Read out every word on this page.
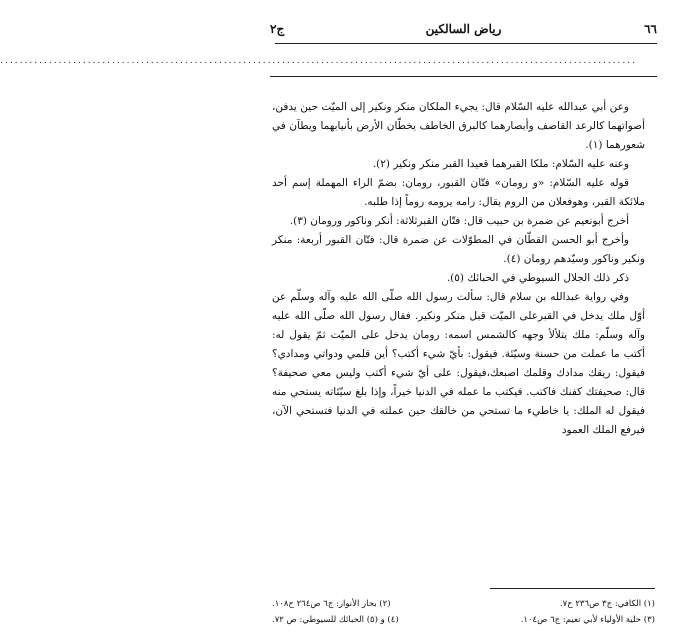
٦٦
رياض السالكين
ج٢
...................................................................................................................................

وعن أبي عبدالله عليه السّلام قال: يجيء الملكان منكر ونكير إلى الميّت حين يدفن، أصواتهما كالرعد القاصف وأبصارهما كالبرق الخاطف يخطّان الأرض بأنيابهما ويطآن في شعورهما (١).

وعنه عليه السّلام: ملكا القبرهما قعيدا القبر منكر ونكير (٢).

قوله عليه السّلام: «و رومان» فتّان القبور، رومان: بضمّ الراء المهملة إسم أحد ملائكة القبر، وهوفعلان من الروم يقال: رامه يرومه روماً إذا طلبه.

أخرج أبونعيم عن ضمرة بن حبيب قال: فتّان القبرثلاثة: أنكر وناكور ورومان (٣).

وأخرج أبو الحسن القطّان في المطوّلات عن ضمرة قال: فتّان القبور أربعة: منكر ونكير وناكور وسيّدهم رومان (٤).

ذكر ذلك الجلال السيوطي في الحبائك (٥).

وفي رواية عبدالله بن سلام قال: سألت رسول الله صلّى الله عليه وآله وسلّم عن أوّل ملك يدخل في القبرعلى الميّت قبل منكر ونكير. فقال رسول الله صلّى الله عليه وآله وسلّم: ملك يتلألأ وجهه كالشمس اسمه: رومان يدخل على الميّت ثمّ يقول له: أكتب ما عملت من حسنة وسيّئة. فيقول: بأيّ شيء أكتب؟ أين قلمي ودواتي ومدادي؟ فيقول: ريقك مدادك وقلمك اصبعك،فيقول: على أيّ شيء أكتب وليس معي صحيفة؟ قال: صحيفتك كفنك فاكتب. فيكتب ما عمله في الدنيا خيراً، وإذا بلغ سيّئاته يستحي منه فيقول له الملك: يا خاطيء ما تستحي من خالقك حين عملته في الدنيا فتستحي الآن، فيرفع الملك العمود

(١) الكافي: ج٣ ص٢٣٦ ح٧.
(٢) بحار الأنوار: ج٦ ص٢٦٤ ح١٠٨.
(٣) حلية الأولياء لأبي نعيم: ج٦ ص١٠٤.
(٤) و (٥) الحبائك للسيوطي: ص ٧٢.
